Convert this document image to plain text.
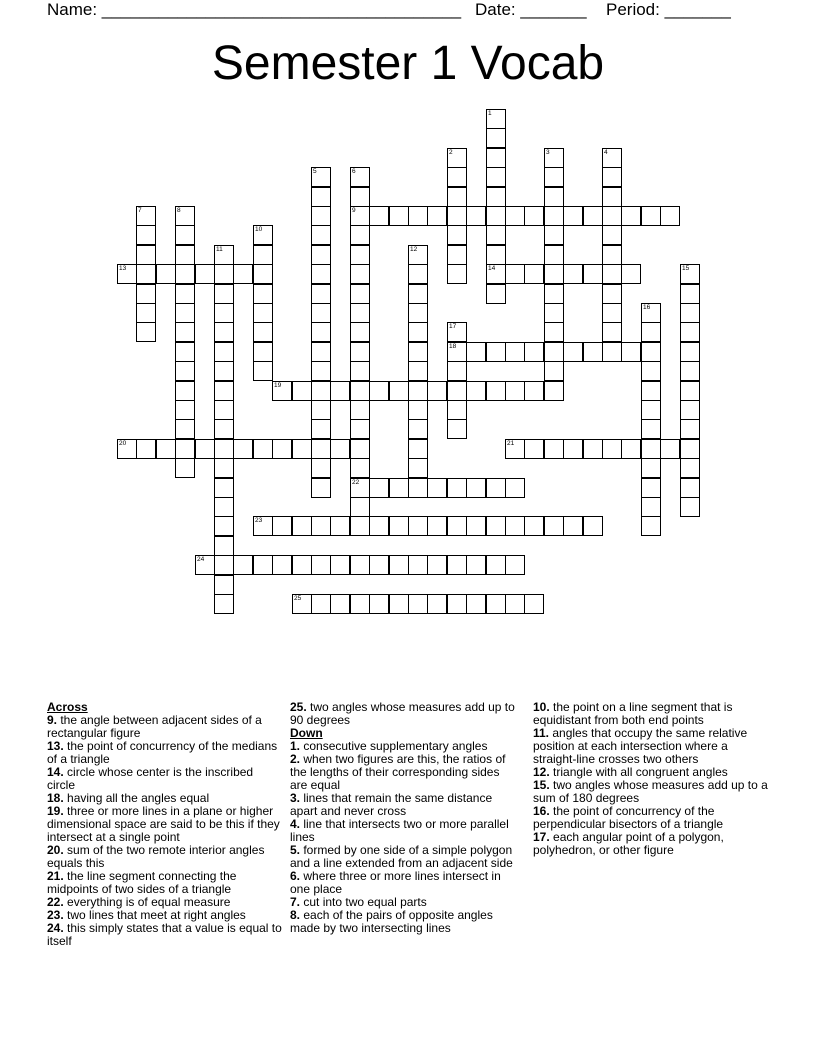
Name: ______________________________________ Date: _______ Period: _______
Semester 1 Vocab
9
13	14
18
19
20	21
22
23
24
25
1
2	3	4
5	6
7	8
10
11	12
15
16
17
Across
9. the angle between adjacent sides of a rectangular figure
13. the point of concurrency of the medians of a triangle
14. circle whose center is the inscribed circle
18. having all the angles equal
19. three or more lines in a plane or higher dimensional space are said to be this if they intersect at a single point
20. sum of the two remote interior angles equals this
21. the line segment connecting the midpoints of two sides of a triangle
22. everything is of equal measure
23. two lines that meet at right angles
24. this simply states that a value is equal to itself
25. two angles whose measures add up to 90 degrees
Down
1. consecutive supplementary angles
2. when two figures are this, the ratios of the lengths of their corresponding sides are equal
3. lines that remain the same distance apart and never cross
4. line that intersects two or more parallel lines
5. formed by one side of a simple polygon and a line extended from an adjacent side
6. where three or more lines intersect in one place
7. cut into two equal parts
8. each of the pairs of opposite angles made by two intersecting lines
10. the point on a line segment that is equidistant from both end points
11. angles that occupy the same relative position at each intersection where a straight-line crosses two others
12. triangle with all congruent angles
15. two angles whose measures add up to a sum of 180 degrees
16. the point of concurrency of the perpendicular bisectors of a triangle
17. each angular point of a polygon, polyhedron, or other figure
